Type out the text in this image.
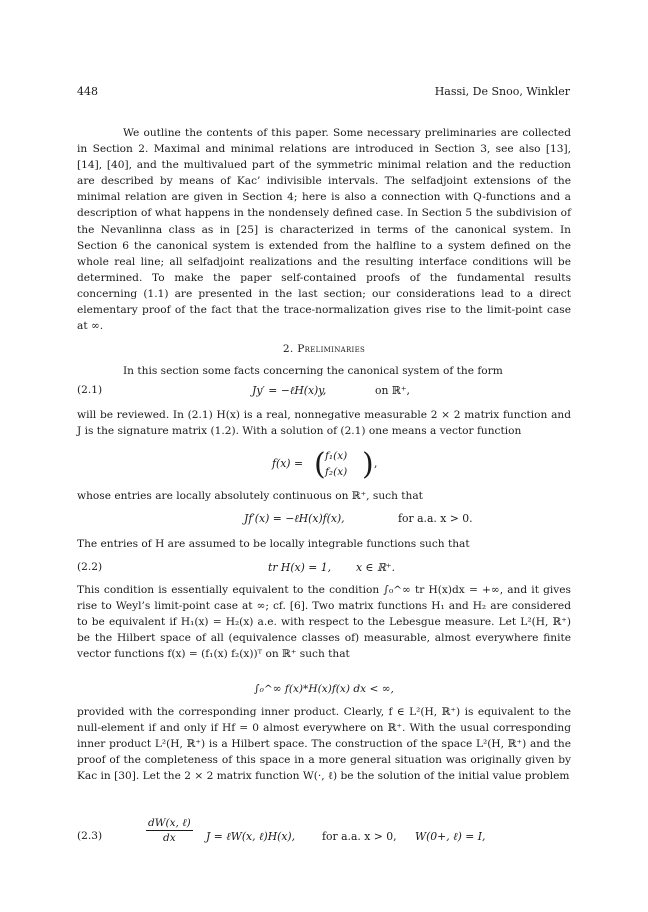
448	Hassi, De Snoo, Winkler

We outline the contents of this paper. Some necessary preliminaries are collected in Section 2. Maximal and minimal relations are introduced in Section 3, see also [13], [14], [40], and the multivalued part of the symmetric minimal relation and the reduction are described by means of Kac’ indivisible intervals. The selfadjoint extensions of the minimal relation are given in Section 4; here is also a connection with Q-functions and a description of what happens in the nondensely defined case. In Section 5 the subdivision of the Nevanlinna class as in [25] is characterized in terms of the canonical system. In Section 6 the canonical system is extended from the halfline to a system defined on the whole real line; all selfadjoint realizations and the resulting interface conditions will be determined. To make the paper self-contained proofs of the fundamental results concerning (1.1) are presented in the last section; our considerations lead to a direct elementary proof of the fact that the trace-normalization gives rise to the limit-point case at ∞.

2. Preliminaries

In this section some facts concerning the canonical system of the form

(2.1)	Jy′ = −ℓH(x)y,	on ℝ⁺,

will be reviewed. In (2.1) H(x) is a real, nonnegative measurable 2 × 2 matrix function and J is the signature matrix (1.2). With a solution of (2.1) one means a vector function

f(x) = ( f₁(x)
f₂(x) ) ,

whose entries are locally absolutely continuous on ℝ⁺, such that

Jf′(x) = −ℓH(x)f(x),	for a.a. x > 0.

The entries of H are assumed to be locally integrable functions such that

(2.2)	tr H(x) = 1, x ∈ ℝ⁺.

This condition is essentially equivalent to the condition ∫₀^∞ tr H(x)dx = +∞, and it gives rise to Weyl’s limit-point case at ∞; cf. [6]. Two matrix functions H₁ and H₂ are considered to be equivalent if H₁(x) = H₂(x) a.e. with respect to the Lebesgue measure. Let L²(H, ℝ⁺) be the Hilbert space of all (equivalence classes of) measurable, almost everywhere finite vector functions f(x) = (f₁(x) f₂(x))ᵀ on ℝ⁺ such that

∫₀^∞ f(x)*H(x)f(x) dx < ∞,

provided with the corresponding inner product. Clearly, f ∈ L²(H, ℝ⁺) is equivalent to the null-element if and only if Hf = 0 almost everywhere on ℝ⁺. With the usual corresponding inner product L²(H, ℝ⁺) is a Hilbert space. The construction of the space L²(H, ℝ⁺) and the proof of the completeness of this space in a more general situation was originally given by Kac in [30]. Let the 2 × 2 matrix function W(·, ℓ) be the solution of the initial value problem

(2.3)
dW(x, ℓ)
dx	J = ℓW(x, ℓ)H(x), for a.a. x > 0, W(0+, ℓ) = I,
